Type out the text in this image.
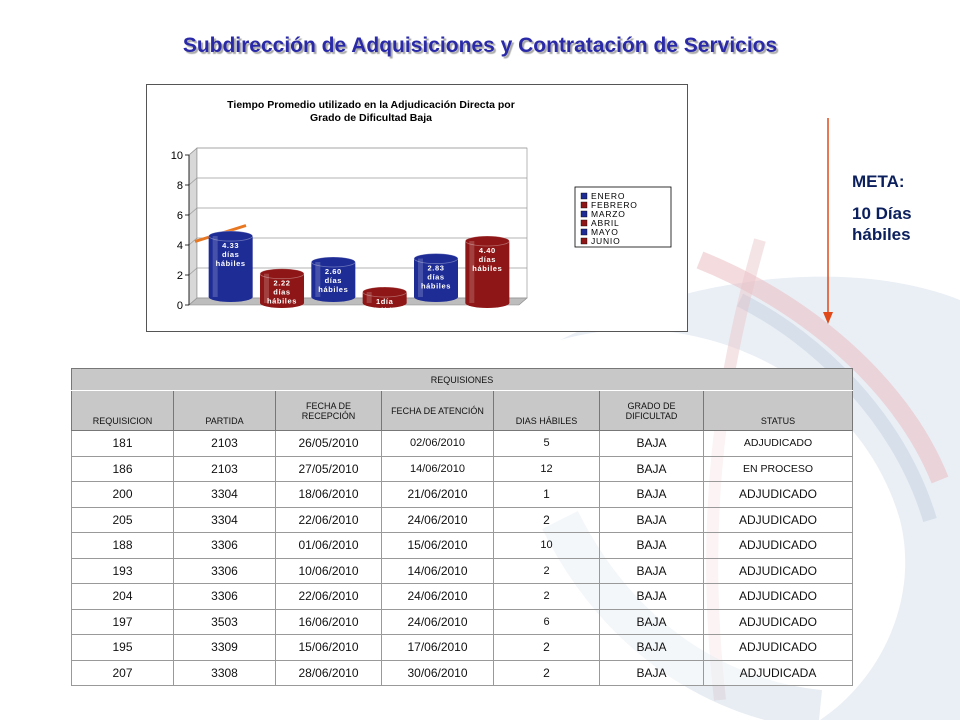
Subdirección de Adquisiciones y Contratación de Servicios
Tiempo Promedio utilizado en la Adjudicación Directa por
Grado de Dificultad Baja
0
2
4
6
8
10
4.33
días
hábiles
2.22
días
hábiles
2.60
días
hábiles
1día
hábil
2.83
días
hábiles
4.40
días
hábiles
ENERO
FEBRERO
MARZO
ABRIL
MAYO
JUNIO
META:
10 Días hábiles
REQUISIONES						
REQUISICION	PARTIDA	FECHA DE RECEPCIÓN	FECHA DE ATENCIÓN	DIAS HÁBILES	GRADO DE DIFICULTAD	STATUS
181	2103	26/05/2010	02/06/2010	5	BAJA	ADJUDICADO
186	2103	27/05/2010	14/06/2010	12	BAJA	EN PROCESO
200	3304	18/06/2010	21/06/2010	1	BAJA	ADJUDICADO
205	3304	22/06/2010	24/06/2010	2	BAJA	ADJUDICADO
188	3306	01/06/2010	15/06/2010	10	BAJA	ADJUDICADO
193	3306	10/06/2010	14/06/2010	2	BAJA	ADJUDICADO
204	3306	22/06/2010	24/06/2010	2	BAJA	ADJUDICADO
197	3503	16/06/2010	24/06/2010	6	BAJA	ADJUDICADO
195	3309	15/06/2010	17/06/2010	2	BAJA	ADJUDICADO
207	3308	28/06/2010	30/06/2010	2	BAJA	ADJUDICADA
